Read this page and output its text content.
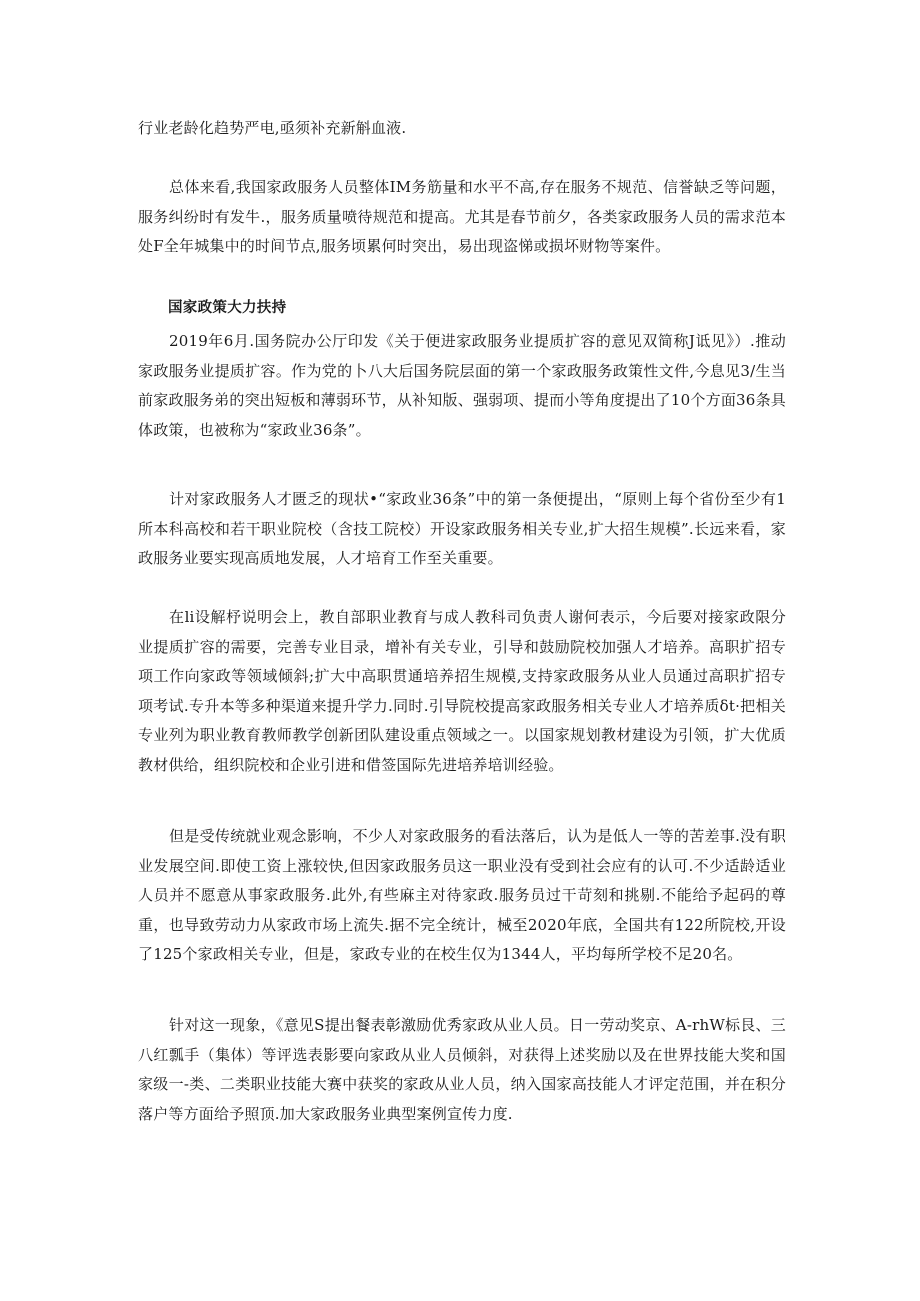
行业老龄化趋势严电,亟须补充新斛血液.

总体来看,我国家政服务人员整体IM务筋量和水平不高,存在服务不规范、信誉缺乏等问题，服务纠纷时有发牛.，服务质量喷待规范和提高。尤其是春节前夕，各类家政服务人员的需求范本处F全年城集中的时间节点,服务顷累何时突出，易出现盗悌或损坏财物等案件。

国家政策大力扶持

2019年6月.国务院办公厅印发《关于便进家政服务业提质扩容的意见双简称J诋见》）.推动家政服务业提质扩容。作为党的卜八大后国务院层面的第一个家政服务政策性文件,今息见3/生当前家政服务弟的突出短板和薄弱环节，从补知版、强弱项、提而小等角度提出了10个方面36条具体政策，也被称为“家政业36条”。

计对家政服务人才匮乏的现状•“家政业36条”中的第一条便提出，“原则上每个省份至少有1所本科高校和若干职业院校（含技工院校）开设家政服务相关专业,扩大招生规模”.长远来看，家政服务业要实现高质地发展，人才培育工作至关重要。

在li设解杼说明会上，教自部职业教育与成人教科司负责人谢何表示，今后要对接家政限分业提质扩容的需要，完善专业目录，增补有关专业，引导和鼓励院校加强人才培养。高职扩招专项工作向家政等领域倾斜;扩大中高职贯通培养招生规模,支持家政服务从业人员通过高职扩招专项考试.专升本等多种渠道来提升学力.同时.引导院校提高家政服务相关专业人才培养质δt·把相关专业列为职业教育教师教学创新团队建设重点领域之一。以国家规划教材建设为引领，扩大优质教材供给，组织院校和企业引进和借签国际先进培养培训经验。

但是受传统就业观念影响，不少人对家政服务的看法落后，认为是低人一等的苦差事.没有职业发展空间.即使工资上涨较快,但因家政服务员这一职业没有受到社会应有的认可.不少适龄适业人员并不愿意从事家政服务.此外,有些麻主对待家政.服务员过干苛刻和挑剔.不能给予起码的尊重，也导致劳动力从家政市场上流失.据不完全统计，械至2020年底，全国共有122所院校,开设了125个家政相关专业，但是，家政专业的在校生仅为1344人，平均每所学校不足20名。

针对这一现象，《意见S提出餐表彰激励优秀家政从业人员。日一劳动奖京、A-rhW标艮、三八红瓢手（集体）等评选表影要向家政从业人员倾斜，对获得上述奖励以及在世界技能大奖和国家级一-类、二类职业技能大赛中获奖的家政从业人员，纳入国家高技能人才评定范围，并在积分落户等方面给予照顶.加大家政服务业典型案例宣传力度.
